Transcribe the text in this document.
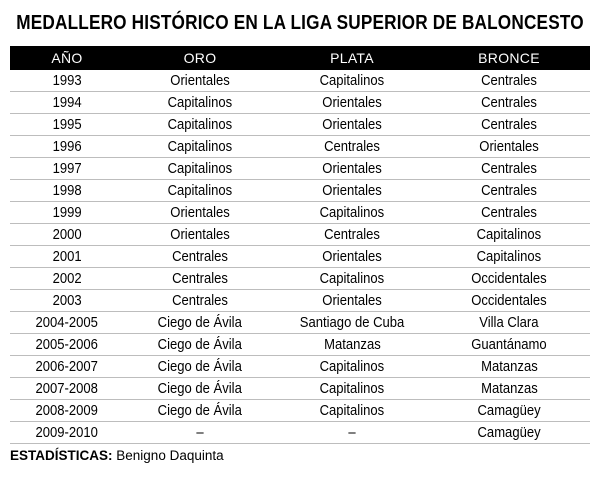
MEDALLERO HISTÓRICO EN LA LIGA SUPERIOR DE BALONCESTO
AÑO	ORO	PLATA	BRONCE
1993	Orientales	Capitalinos	Centrales
1994	Capitalinos	Orientales	Centrales
1995	Capitalinos	Orientales	Centrales
1996	Capitalinos	Centrales	Orientales
1997	Capitalinos	Orientales	Centrales
1998	Capitalinos	Orientales	Centrales
1999	Orientales	Capitalinos	Centrales
2000	Orientales	Centrales	Capitalinos
2001	Centrales	Orientales	Capitalinos
2002	Centrales	Capitalinos	Occidentales
2003	Centrales	Orientales	Occidentales
2004-2005	Ciego de Ávila	Santiago de Cuba	Villa Clara
2005-2006	Ciego de Ávila	Matanzas	Guantánamo
2006-2007	Ciego de Ávila	Capitalinos	Matanzas
2007-2008	Ciego de Ávila	Capitalinos	Matanzas
2008-2009	Ciego de Ávila	Capitalinos	Camagüey
2009-2010	–	–	Camagüey
ESTADÍSTICAS: Benigno Daquinta
